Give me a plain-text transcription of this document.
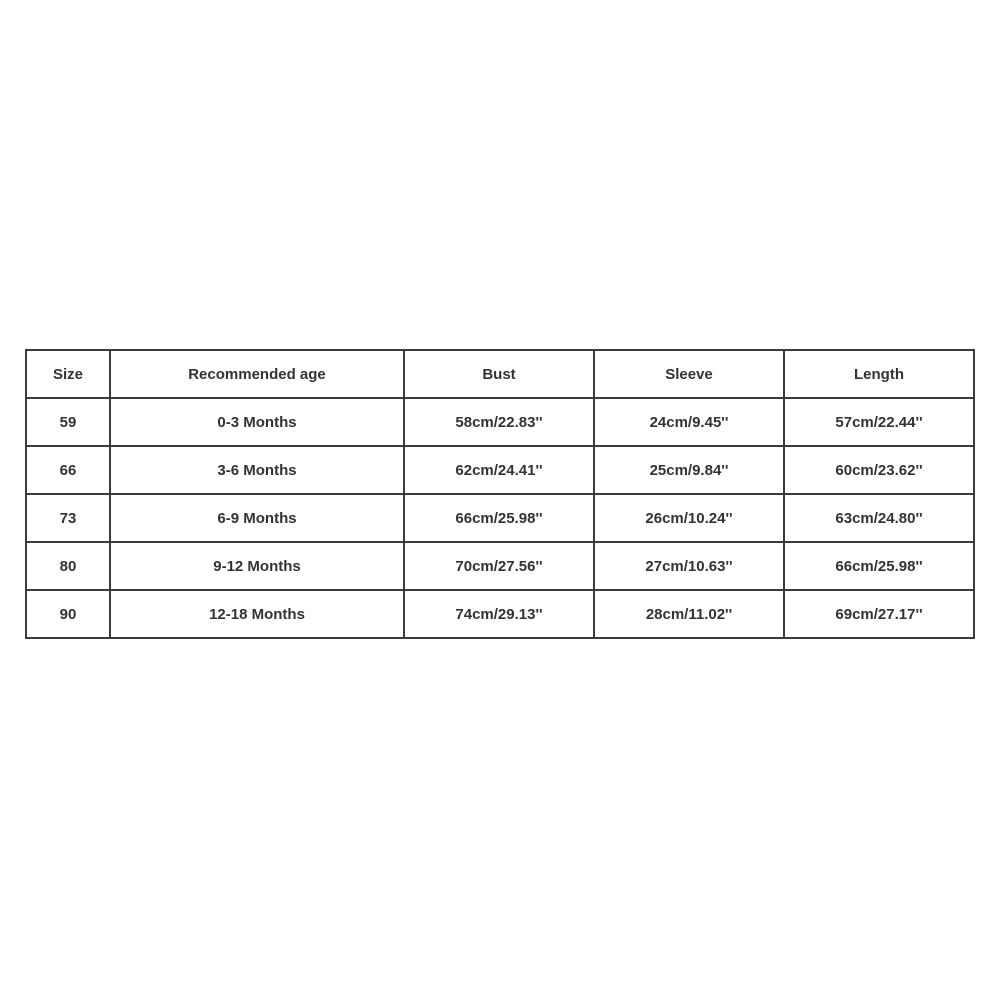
Size	Recommended age	Bust	Sleeve	Length
59	0-3 Months	58cm/22.83''	24cm/9.45''	57cm/22.44''
66	3-6 Months	62cm/24.41''	25cm/9.84''	60cm/23.62''
73	6-9 Months	66cm/25.98''	26cm/10.24''	63cm/24.80''
80	9-12 Months	70cm/27.56''	27cm/10.63''	66cm/25.98''
90	12-18 Months	74cm/29.13''	28cm/11.02''	69cm/27.17''
